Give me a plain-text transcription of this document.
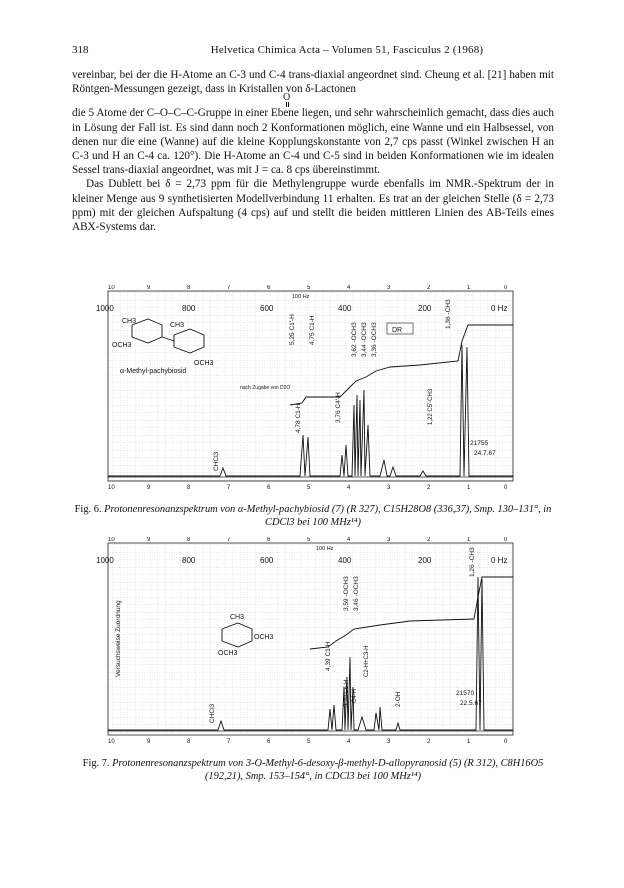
318	Helvetica Chimica Acta – Volumen 51, Fasciculus 2 (1968)

vereinbar, bei der die H-Atome an C-3 und C-4 trans-diaxial angeordnet sind. Cheung et al. [21] haben mit Röntgen-Messungen gezeigt, dass in Kristallen von δ-Lactonen

O

die 5 Atome der C–O–C–C-Gruppe in einer Ebene liegen, und sehr wahrscheinlich gemacht, dass dies auch in Lösung der Fall ist. Es sind dann noch 2 Konformationen möglich, eine Wanne und ein Halbsessel, von denen nur die eine (Wanne) auf die kleine Kopplungskonstante von 2,7 cps passt (Winkel zwischen H an C-3 und H an C-4 ca. 120°). Die H-Atome an C-4 und C-5 sind in beiden Konformationen wie im idealen Sessel trans-diaxial angeordnet, was mit J = ca. 8 cps übereinstimmt.

Das Dublett bei δ = 2,73 ppm für die Methylengruppe wurde ebenfalls im NMR.-Spektrum der in kleiner Menge aus 9 synthetisierten Modellverbindung 11 erhalten. Es trat an der gleichen Stelle (δ = 2,73 ppm) mit der gleichen Aufspaltung (4 cps) auf und stellt die beiden mittleren Linien des AB-Teils eines ABX-Systems dar.

10	9	8	7	6	5	4	3	2	1	0
1000	800	600	400	200	0 Hz
CH3
OCH3
CH3
OCH3
α-Methyl-pachybiosid
5,25 C1'-H 4,75 C1-H
4,78 C1-H
3,62 -OCH3 3,44 -OCH3 3,36 -OCH3
3,76 C4'-H
1,36 -CH3
1,22 C5'-CH3
CHCl3
DR
100 Hz
nach Zugabe von D2O
21755
24.7.67
10	9	8	7	6	5	4	3	2	1	0
Fig. 6. Protonenresonanzspektrum von α-Methyl-pachybiosid (7) (R 327), C15H28O8 (336,37), Smp. 130–131°, in CDCl3 bei 100 MHz¹⁴)
10	9	8	7	6	5	4	3	2	1	0
1000	800	600	400	200	0 Hz
Versuchsweise Zuordnung	CH3
OCH3
OCH3
1,26 -CH3
3,59 -OCH3 3,46 -OCH3
4,39 C1-H
3,70 C5-H
C2-H+C3-H
C4-H	2-OH
CHCl3
100 Hz
21570
22.5.67
10	9	8	7	6	5	4	3	2	1	0
Fig. 7. Protonenresonanzspektrum von 3-O-Methyl-6-desoxy-β-methyl-D-allopyranosid (5) (R 312), C8H16O5 (192,21), Smp. 153–154°, in CDCl3 bei 100 MHz¹⁴)
